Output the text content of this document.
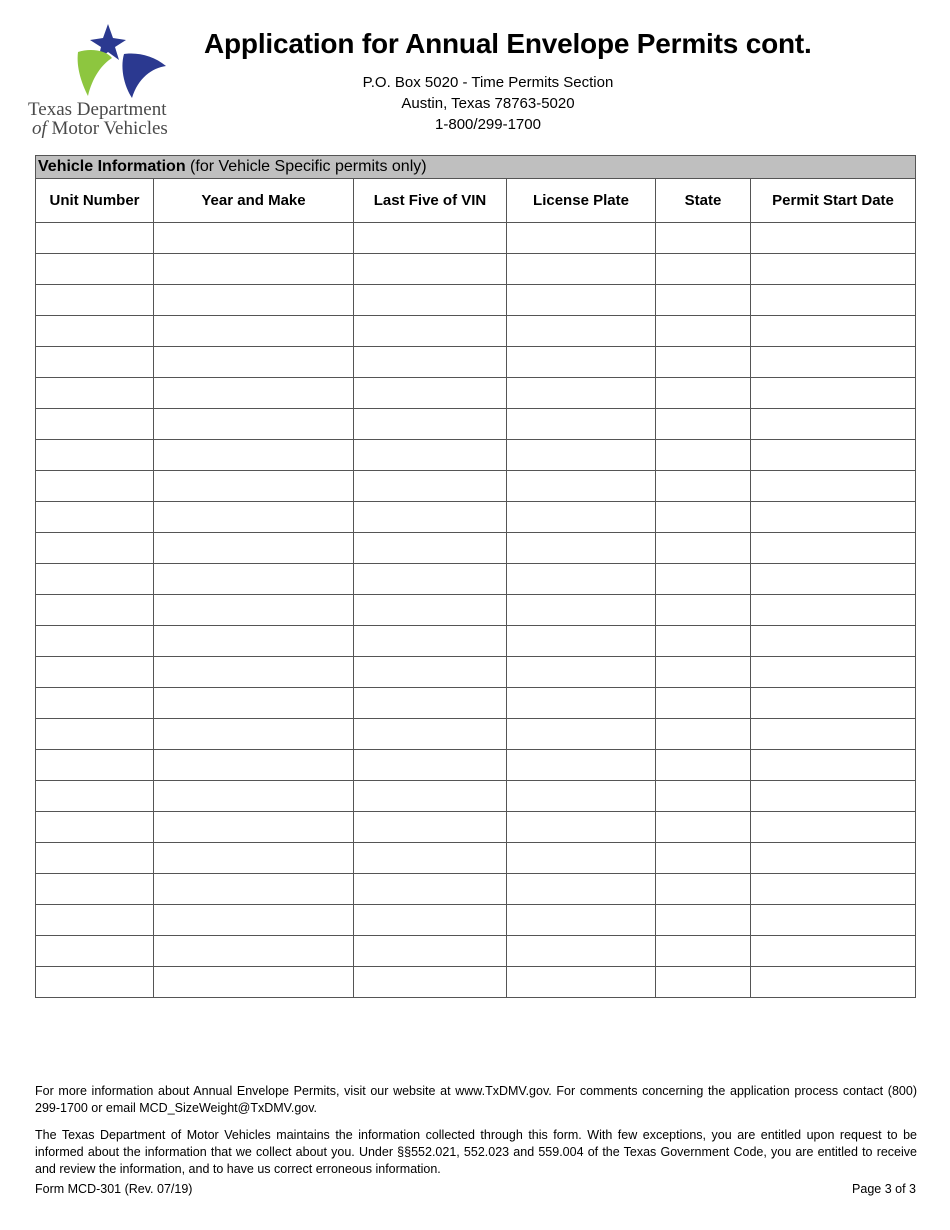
Texas Department
of Motor Vehicles
Application for Annual Envelope Permits cont.
P.O. Box 5020 - Time Permits Section
Austin, Texas 78763-5020
1-800/299-1700
Vehicle Information (for Vehicle Specific permits only)					
Unit Number	Year and Make	Last Five of VIN	License Plate	State	Permit Start Date

For more information about Annual Envelope Permits, visit our website at www.TxDMV.gov. For comments concerning the application process contact (800) 299-1700 or email MCD_SizeWeight@TxDMV.gov.
The Texas Department of Motor Vehicles maintains the information collected through this form. With few exceptions, you are entitled upon request to be informed about the information that we collect about you. Under §§552.021, 552.023 and 559.004 of the Texas Government Code, you are entitled to receive and review the information, and to have us correct erroneous information.
Form MCD-301 (Rev. 07/19)	Page 3 of 3
